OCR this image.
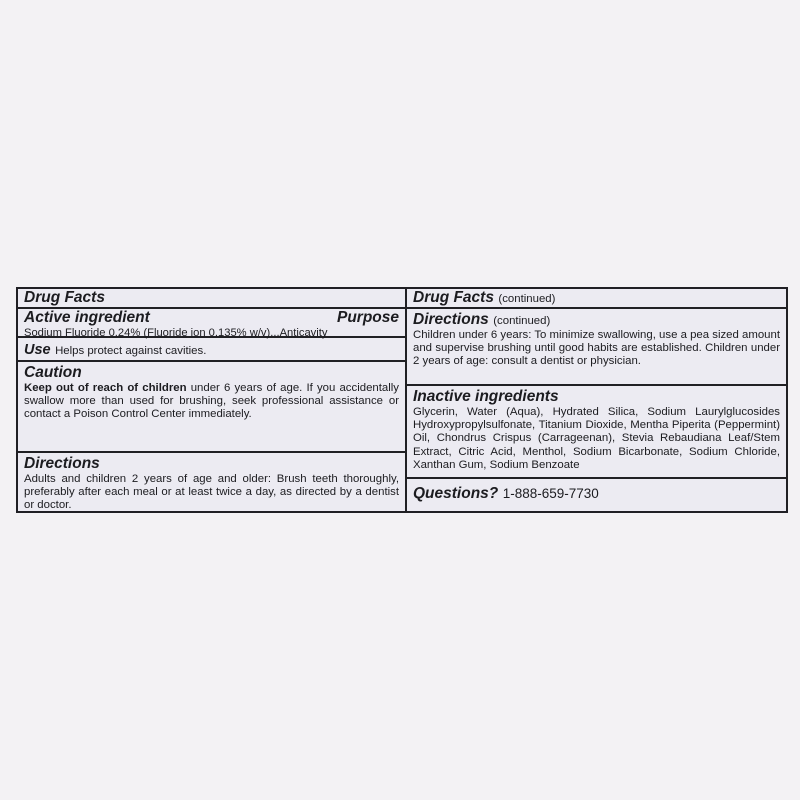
Drug Facts
Active ingredient	Purpose
Sodium Fluoride 0.24% (Fluoride ion 0.135% w/v)...Anticavity
Use Helps protect against cavities.
Caution
Keep out of reach of children under 6 years of age. If you accidentally swallow more than used for brushing, seek professional assistance or contact a Poison Control Center immediately.
Directions
Adults and children 2 years of age and older: Brush teeth thoroughly, preferably after each meal or at least twice a day, as directed by a dentist or doctor.
Drug Facts (continued)
Directions (continued)
Children under 6 years: To minimize swallowing, use a pea sized amount and supervise brushing until good habits are established. Children under 2 years of age: consult a dentist or physician.
Inactive ingredients
Glycerin, Water (Aqua), Hydrated Silica, Sodium Laurylglucosides Hydroxypropylsulfonate, Titanium Dioxide, Mentha Piperita (Peppermint) Oil, Chondrus Crispus (Carrageenan), Stevia Rebaudiana Leaf/Stem Extract, Citric Acid, Menthol, Sodium Bicarbonate, Sodium Chloride, Xanthan Gum, Sodium Benzoate
Questions? 1-888-659-7730
